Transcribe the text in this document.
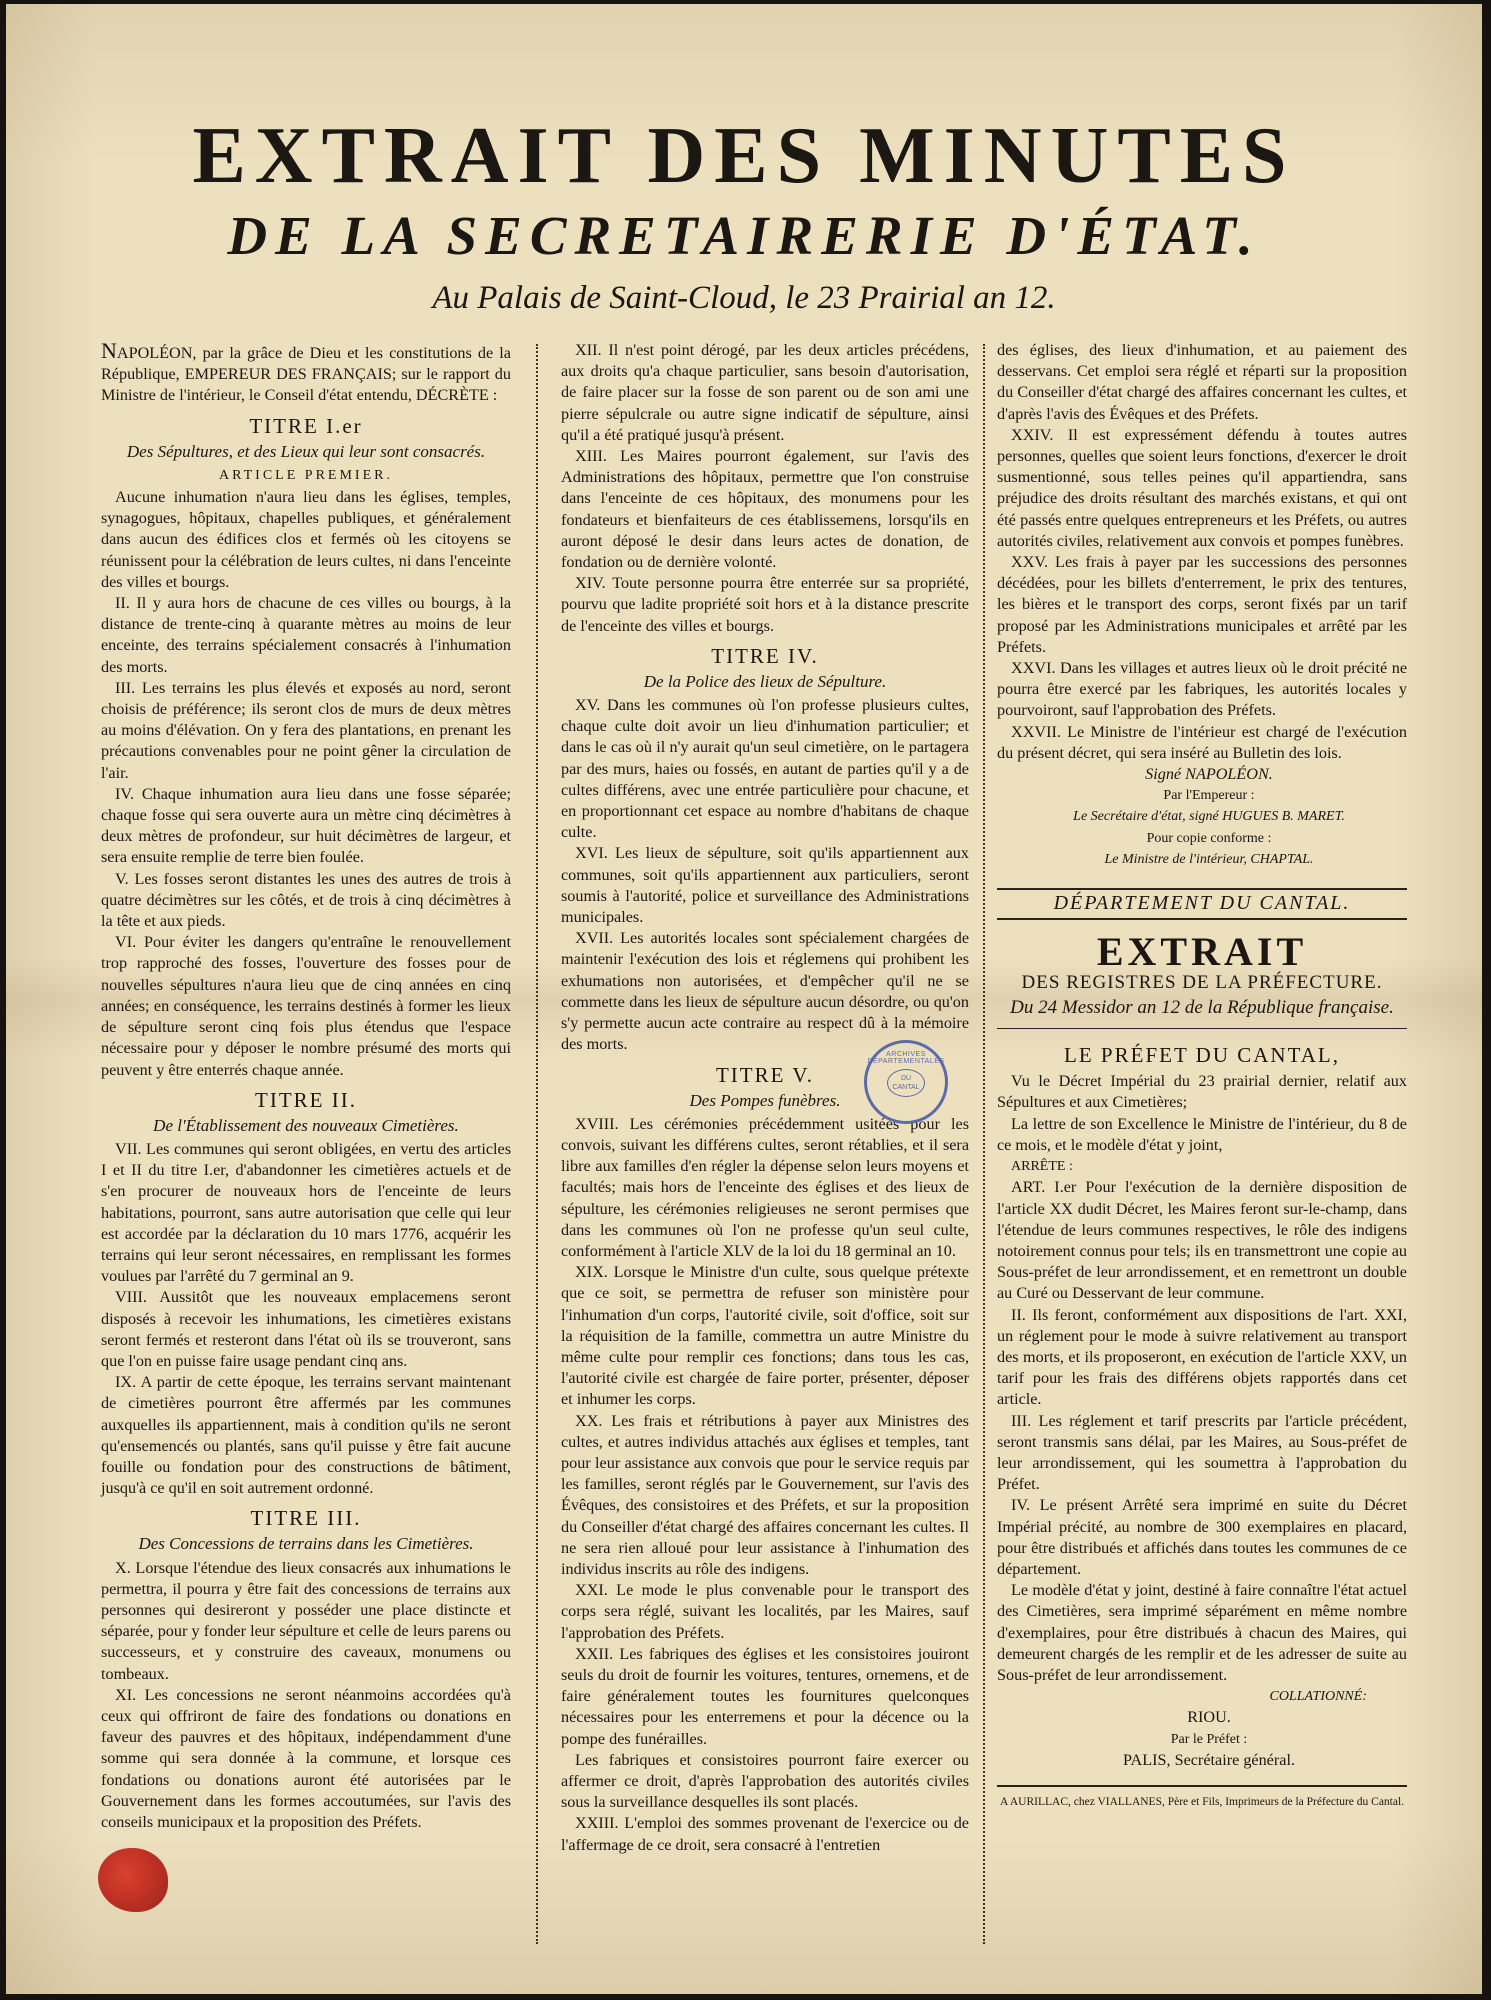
EXTRAIT DES MINUTES
DE LA SECRETAIRERIE D'ÉTAT.
Au Palais de Saint-Cloud, le 23 Prairial an 12.

NAPOLÉON, par la grâce de Dieu et les constitutions de la République, EMPEREUR DES FRANÇAIS; sur le rapport du Ministre de l'intérieur, le Conseil d'état entendu, DÉCRÈTE :

TITRE I.er
Des Sépultures, et des Lieux qui leur sont consacrés.
ARTICLE PREMIER.

Aucune inhumation n'aura lieu dans les églises, temples, synagogues, hôpitaux, chapelles publiques, et généralement dans aucun des édifices clos et fermés où les citoyens se réunissent pour la célébration de leurs cultes, ni dans l'enceinte des villes et bourgs.

II. Il y aura hors de chacune de ces villes ou bourgs, à la distance de trente-cinq à quarante mètres au moins de leur enceinte, des terrains spécialement consacrés à l'inhumation des morts.

III. Les terrains les plus élevés et exposés au nord, seront choisis de préférence; ils seront clos de murs de deux mètres au moins d'élévation. On y fera des plantations, en prenant les précautions convenables pour ne point gêner la circulation de l'air.

IV. Chaque inhumation aura lieu dans une fosse séparée; chaque fosse qui sera ouverte aura un mètre cinq décimètres à deux mètres de profondeur, sur huit décimètres de largeur, et sera ensuite remplie de terre bien foulée.

V. Les fosses seront distantes les unes des autres de trois à quatre décimètres sur les côtés, et de trois à cinq décimètres à la tête et aux pieds.

VI. Pour éviter les dangers qu'entraîne le renouvellement trop rapproché des fosses, l'ouverture des fosses pour de nouvelles sépultures n'aura lieu que de cinq années en cinq années; en conséquence, les terrains destinés à former les lieux de sépulture seront cinq fois plus étendus que l'espace nécessaire pour y déposer le nombre présumé des morts qui peuvent y être enterrés chaque année.

TITRE II.
De l'Établissement des nouveaux Cimetières.

VII. Les communes qui seront obligées, en vertu des articles I et II du titre I.er, d'abandonner les cimetières actuels et de s'en procurer de nouveaux hors de l'enceinte de leurs habitations, pourront, sans autre autorisation que celle qui leur est accordée par la déclaration du 10 mars 1776, acquérir les terrains qui leur seront nécessaires, en remplissant les formes voulues par l'arrêté du 7 germinal an 9.

VIII. Aussitôt que les nouveaux emplacemens seront disposés à recevoir les inhumations, les cimetières existans seront fermés et resteront dans l'état où ils se trouveront, sans que l'on en puisse faire usage pendant cinq ans.

IX. A partir de cette époque, les terrains servant maintenant de cimetières pourront être affermés par les communes auxquelles ils appartiennent, mais à condition qu'ils ne seront qu'ensemencés ou plantés, sans qu'il puisse y être fait aucune fouille ou fondation pour des constructions de bâtiment, jusqu'à ce qu'il en soit autrement ordonné.

TITRE III.
Des Concessions de terrains dans les Cimetières.

X. Lorsque l'étendue des lieux consacrés aux inhumations le permettra, il pourra y être fait des concessions de terrains aux personnes qui desireront y posséder une place distincte et séparée, pour y fonder leur sépulture et celle de leurs parens ou successeurs, et y construire des caveaux, monumens ou tombeaux.

XI. Les concessions ne seront néanmoins accordées qu'à ceux qui offriront de faire des fondations ou donations en faveur des pauvres et des hôpitaux, indépendamment d'une somme qui sera donnée à la commune, et lorsque ces fondations ou donations auront été autorisées par le Gouvernement dans les formes accoutumées, sur l'avis des conseils municipaux et la proposition des Préfets.

XII. Il n'est point dérogé, par les deux articles précédens, aux droits qu'a chaque particulier, sans besoin d'autorisation, de faire placer sur la fosse de son parent ou de son ami une pierre sépulcrale ou autre signe indicatif de sépulture, ainsi qu'il a été pratiqué jusqu'à présent.

XIII. Les Maires pourront également, sur l'avis des Administrations des hôpitaux, permettre que l'on construise dans l'enceinte de ces hôpitaux, des monumens pour les fondateurs et bienfaiteurs de ces établissemens, lorsqu'ils en auront déposé le desir dans leurs actes de donation, de fondation ou de dernière volonté.

XIV. Toute personne pourra être enterrée sur sa propriété, pourvu que ladite propriété soit hors et à la distance prescrite de l'enceinte des villes et bourgs.

TITRE IV.
De la Police des lieux de Sépulture.

XV. Dans les communes où l'on professe plusieurs cultes, chaque culte doit avoir un lieu d'inhumation particulier; et dans le cas où il n'y aurait qu'un seul cimetière, on le partagera par des murs, haies ou fossés, en autant de parties qu'il y a de cultes différens, avec une entrée particulière pour chacune, et en proportionnant cet espace au nombre d'habitans de chaque culte.

XVI. Les lieux de sépulture, soit qu'ils appartiennent aux communes, soit qu'ils appartiennent aux particuliers, seront soumis à l'autorité, police et surveillance des Administrations municipales.

XVII. Les autorités locales sont spécialement chargées de maintenir l'exécution des lois et réglemens qui prohibent les exhumations non autorisées, et d'empêcher qu'il ne se commette dans les lieux de sépulture aucun désordre, ou qu'on s'y permette aucun acte contraire au respect dû à la mémoire des morts.

TITRE V.
Des Pompes funèbres.

XVIII. Les cérémonies précédemment usitées pour les convois, suivant les différens cultes, seront rétablies, et il sera libre aux familles d'en régler la dépense selon leurs moyens et facultés; mais hors de l'enceinte des églises et des lieux de sépulture, les cérémonies religieuses ne seront permises que dans les communes où l'on ne professe qu'un seul culte, conformément à l'article XLV de la loi du 18 germinal an 10.

XIX. Lorsque le Ministre d'un culte, sous quelque prétexte que ce soit, se permettra de refuser son ministère pour l'inhumation d'un corps, l'autorité civile, soit d'office, soit sur la réquisition de la famille, commettra un autre Ministre du même culte pour remplir ces fonctions; dans tous les cas, l'autorité civile est chargée de faire porter, présenter, déposer et inhumer les corps.

XX. Les frais et rétributions à payer aux Ministres des cultes, et autres individus attachés aux églises et temples, tant pour leur assistance aux convois que pour le service requis par les familles, seront réglés par le Gouvernement, sur l'avis des Évêques, des consistoires et des Préfets, et sur la proposition du Conseiller d'état chargé des affaires concernant les cultes. Il ne sera rien alloué pour leur assistance à l'inhumation des individus inscrits au rôle des indigens.

XXI. Le mode le plus convenable pour le transport des corps sera réglé, suivant les localités, par les Maires, sauf l'approbation des Préfets.

XXII. Les fabriques des églises et les consistoires jouiront seuls du droit de fournir les voitures, tentures, ornemens, et de faire généralement toutes les fournitures quelconques nécessaires pour les enterremens et pour la décence ou la pompe des funérailles.

Les fabriques et consistoires pourront faire exercer ou affermer ce droit, d'après l'approbation des autorités civiles sous la surveillance desquelles ils sont placés.

XXIII. L'emploi des sommes provenant de l'exercice ou de l'affermage de ce droit, sera consacré à l'entretien

des églises, des lieux d'inhumation, et au paiement des desservans. Cet emploi sera réglé et réparti sur la proposition du Conseiller d'état chargé des affaires concernant les cultes, et d'après l'avis des Évêques et des Préfets.

XXIV. Il est expressément défendu à toutes autres personnes, quelles que soient leurs fonctions, d'exercer le droit susmentionné, sous telles peines qu'il appartiendra, sans préjudice des droits résultant des marchés existans, et qui ont été passés entre quelques entrepreneurs et les Préfets, ou autres autorités civiles, relativement aux convois et pompes funèbres.

XXV. Les frais à payer par les successions des personnes décédées, pour les billets d'enterrement, le prix des tentures, les bières et le transport des corps, seront fixés par un tarif proposé par les Administrations municipales et arrêté par les Préfets.

XXVI. Dans les villages et autres lieux où le droit précité ne pourra être exercé par les fabriques, les autorités locales y pourvoiront, sauf l'approbation des Préfets.

XXVII. Le Ministre de l'intérieur est chargé de l'exécution du présent décret, qui sera inséré au Bulletin des lois.

Signé NAPOLÉON.

Par l'Empereur :

Le Secrétaire d'état, signé HUGUES B. MARET.

Pour copie conforme :

Le Ministre de l'intérieur, CHAPTAL.

DÉPARTEMENT DU CANTAL.
EXTRAIT
DES REGISTRES DE LA PRÉFECTURE.
Du 24 Messidor an 12 de la République française.
LE PRÉFET DU CANTAL,

Vu le Décret Impérial du 23 prairial dernier, relatif aux Sépultures et aux Cimetières;

La lettre de son Excellence le Ministre de l'intérieur, du 8 de ce mois, et le modèle d'état y joint,

ARRÊTE :

ART. I.er Pour l'exécution de la dernière disposition de l'article XX dudit Décret, les Maires feront sur-le-champ, dans l'étendue de leurs communes respectives, le rôle des indigens notoirement connus pour tels; ils en transmettront une copie au Sous-préfet de leur arrondissement, et en remettront un double au Curé ou Desservant de leur commune.

II. Ils feront, conformément aux dispositions de l'art. XXI, un réglement pour le mode à suivre relativement au transport des morts, et ils proposeront, en exécution de l'article XXV, un tarif pour les frais des différens objets rapportés dans cet article.

III. Les réglement et tarif prescrits par l'article précédent, seront transmis sans délai, par les Maires, au Sous-préfet de leur arrondissement, qui les soumettra à l'approbation du Préfet.

IV. Le présent Arrêté sera imprimé en suite du Décret Impérial précité, au nombre de 300 exemplaires en placard, pour être distribués et affichés dans toutes les communes de ce département.

Le modèle d'état y joint, destiné à faire connaître l'état actuel des Cimetières, sera imprimé séparément en même nombre d'exemplaires, pour être distribués à chacun des Maires, qui demeurent chargés de les remplir et de les adresser de suite au Sous-préfet de leur arrondissement.

COLLATIONNÉ:

RIOU.

Par le Préfet :

PALIS, Secrétaire général.

A AURILLAC, chez VIALLANES, Père et Fils, Imprimeurs de la Préfecture du Cantal.

ARCHIVES DÉPARTEMENTALES
DU CANTAL
